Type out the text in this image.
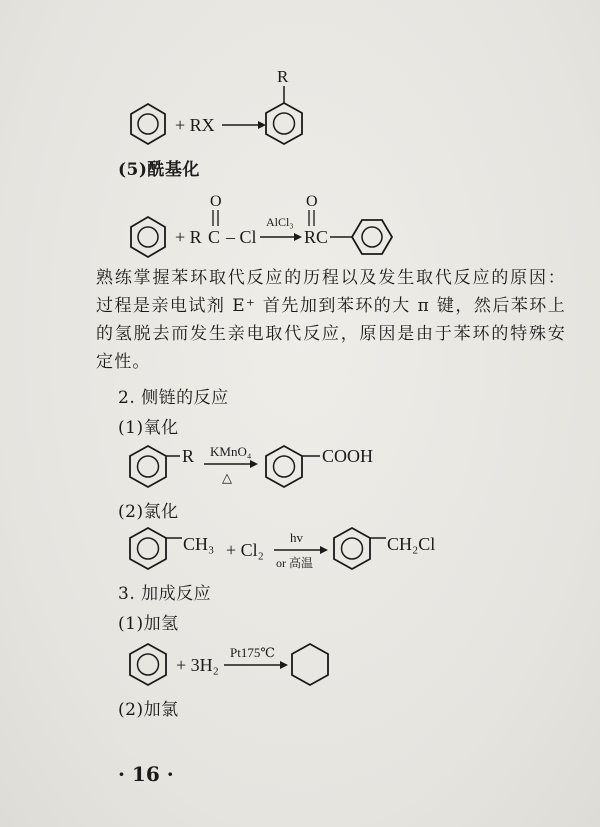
+ RX
R
(5)酰基化
+ R
O
C – Cl
AlCl₃
O
RC
熟练掌握苯环取代反应的历程以及发生取代反应的原因：过程是亲电试剂 E⁺ 首先加到苯环的大 π 键，然后苯环上的氢脱去而发生亲电取代反应，原因是由于苯环的特殊安定性。
2. 侧链的反应
(1)氧化
R KMnO₄
△
COOH
(2)氯化
CH₃ + Cl₂
hv
or 高温
CH₂Cl
3. 加成反应
(1)加氢
+ 3H₂
Pt175℃
(2)加氯
· 16 ·
